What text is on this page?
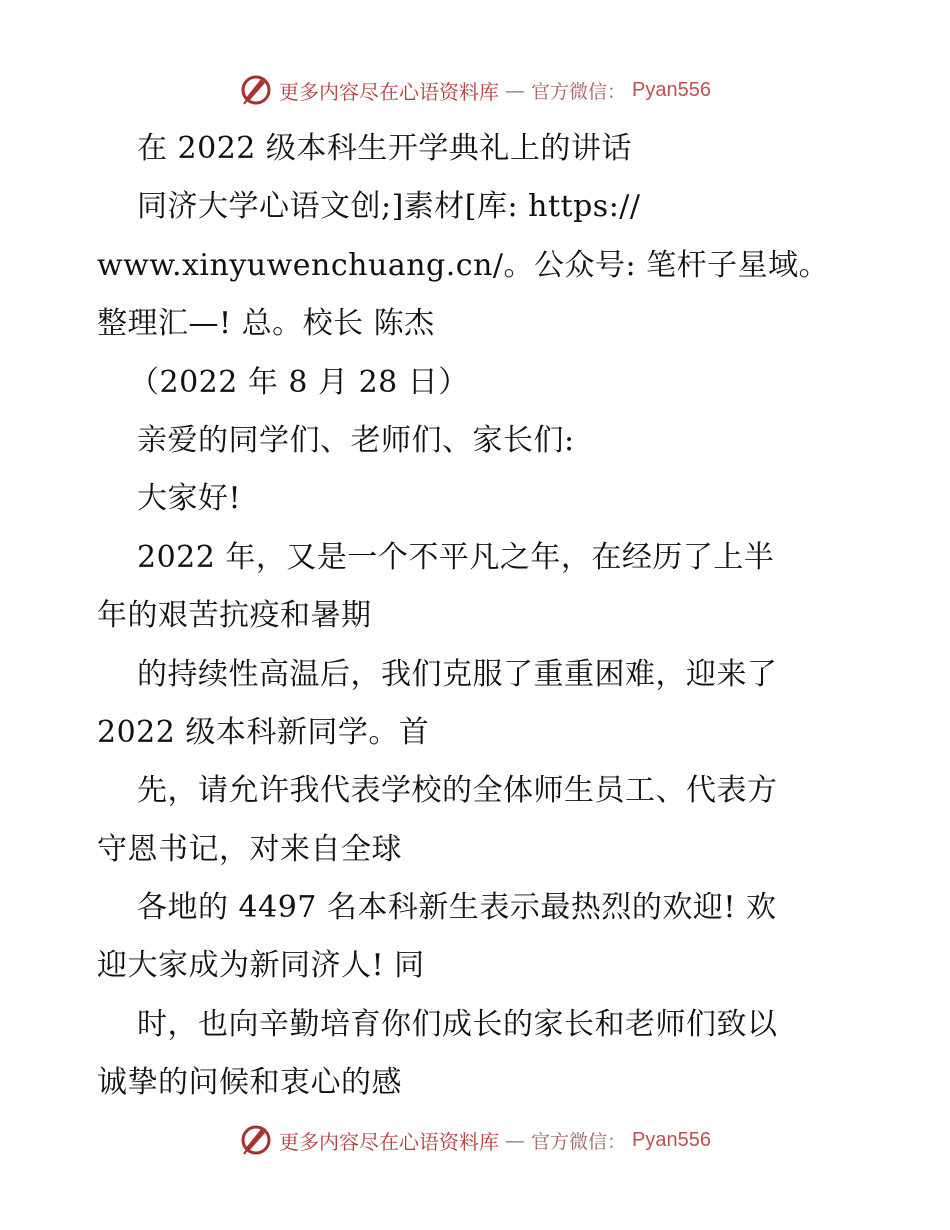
更多内容尽在心语资料库 — 官方微信： Pyan556
在 2022 级本科生开学典礼上的讲话
同济大学心语文创;]素材[库: https://
www.xinyuwenchuang.cn/。公众号: 笔杆子星域。
整理汇—! 总。校长 陈杰
（2022 年 8 月 28 日）
亲爱的同学们、老师们、家长们:
大家好!
2022 年，又是一个不平凡之年，在经历了上半
年的艰苦抗疫和暑期
的持续性高温后，我们克服了重重困难，迎来了
2022 级本科新同学。首
先，请允许我代表学校的全体师生员工、代表方
守恩书记，对来自全球
各地的 4497 名本科新生表示最热烈的欢迎! 欢
迎大家成为新同济人! 同
时，也向辛勤培育你们成长的家长和老师们致以
诚挚的问候和衷心的感
更多内容尽在心语资料库 — 官方微信： Pyan556
